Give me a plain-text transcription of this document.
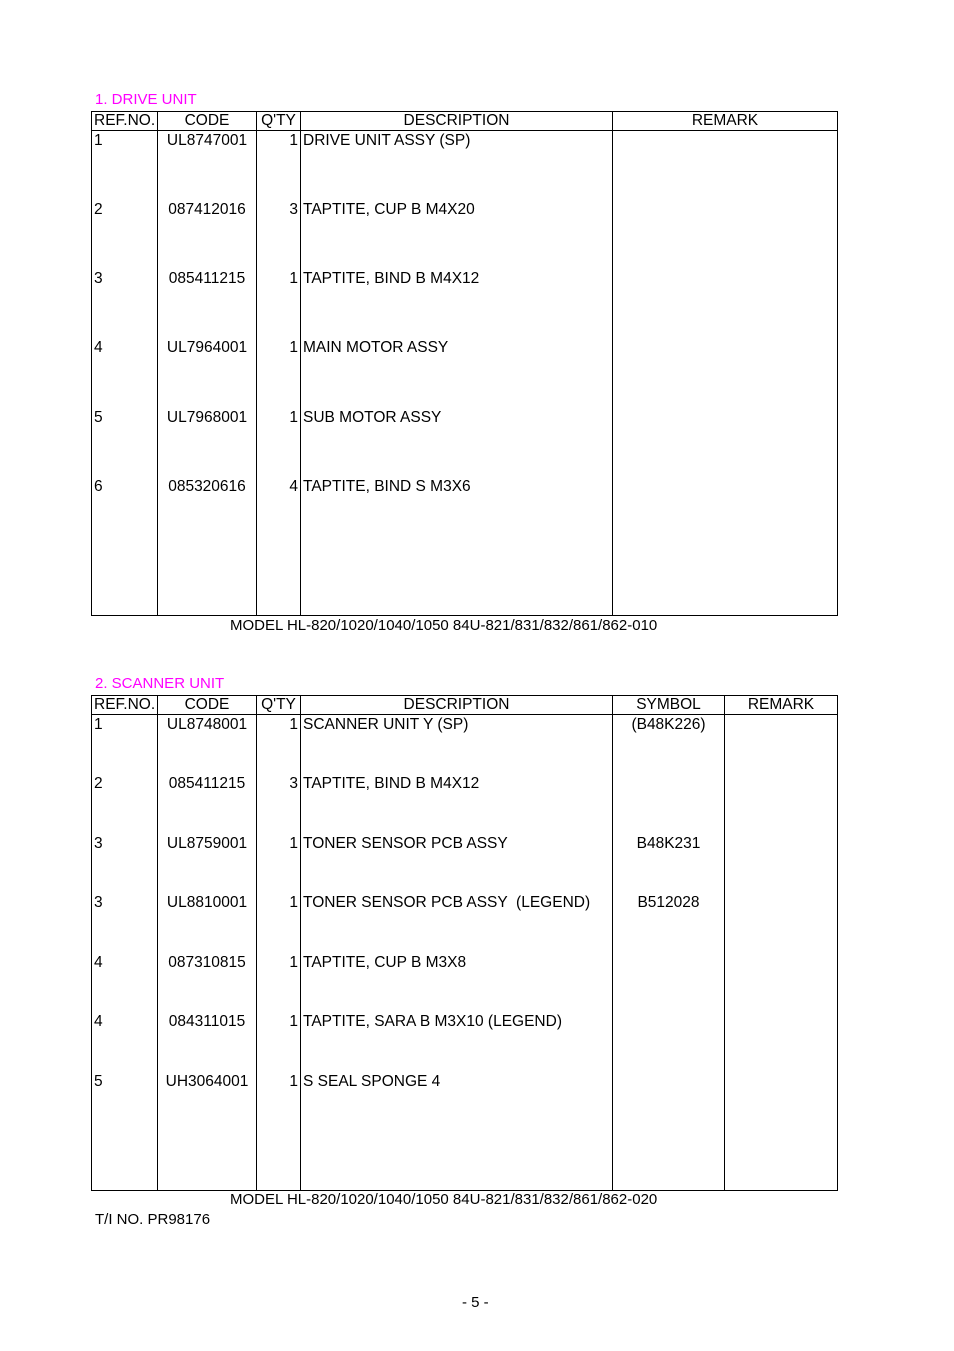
1. DRIVE UNIT
REF.NO.	CODE	Q'TY	DESCRIPTION	REMARK
1	UL8747001	1	DRIVE UNIT ASSY (SP)	
2	087412016	3	TAPTITE, CUP B M4X20	
3	085411215	1	TAPTITE, BIND B M4X12	
4	UL7964001	1	MAIN MOTOR ASSY	
5	UL7968001	1	SUB MOTOR ASSY	
6	085320616	4	TAPTITE, BIND S M3X6	

MODEL HL-820/1020/1040/1050 84U-821/831/832/861/862-010
2. SCANNER UNIT
REF.NO.	CODE	Q'TY	DESCRIPTION	SYMBOL	REMARK
1	UL8748001	1	SCANNER UNIT Y (SP)	(B48K226)	
2	085411215	3	TAPTITE, BIND B M4X12		
3	UL8759001	1	TONER SENSOR PCB ASSY	B48K231	
3	UL8810001	1	TONER SENSOR PCB ASSY  (LEGEND)	B512028	
4	087310815	1	TAPTITE, CUP B M3X8		
4	084311015	1	TAPTITE, SARA B M3X10 (LEGEND)		
5	UH3064001	1	S SEAL SPONGE 4		

MODEL HL-820/1020/1040/1050 84U-821/831/832/861/862-020
T/I NO. PR98176
- 5 -
